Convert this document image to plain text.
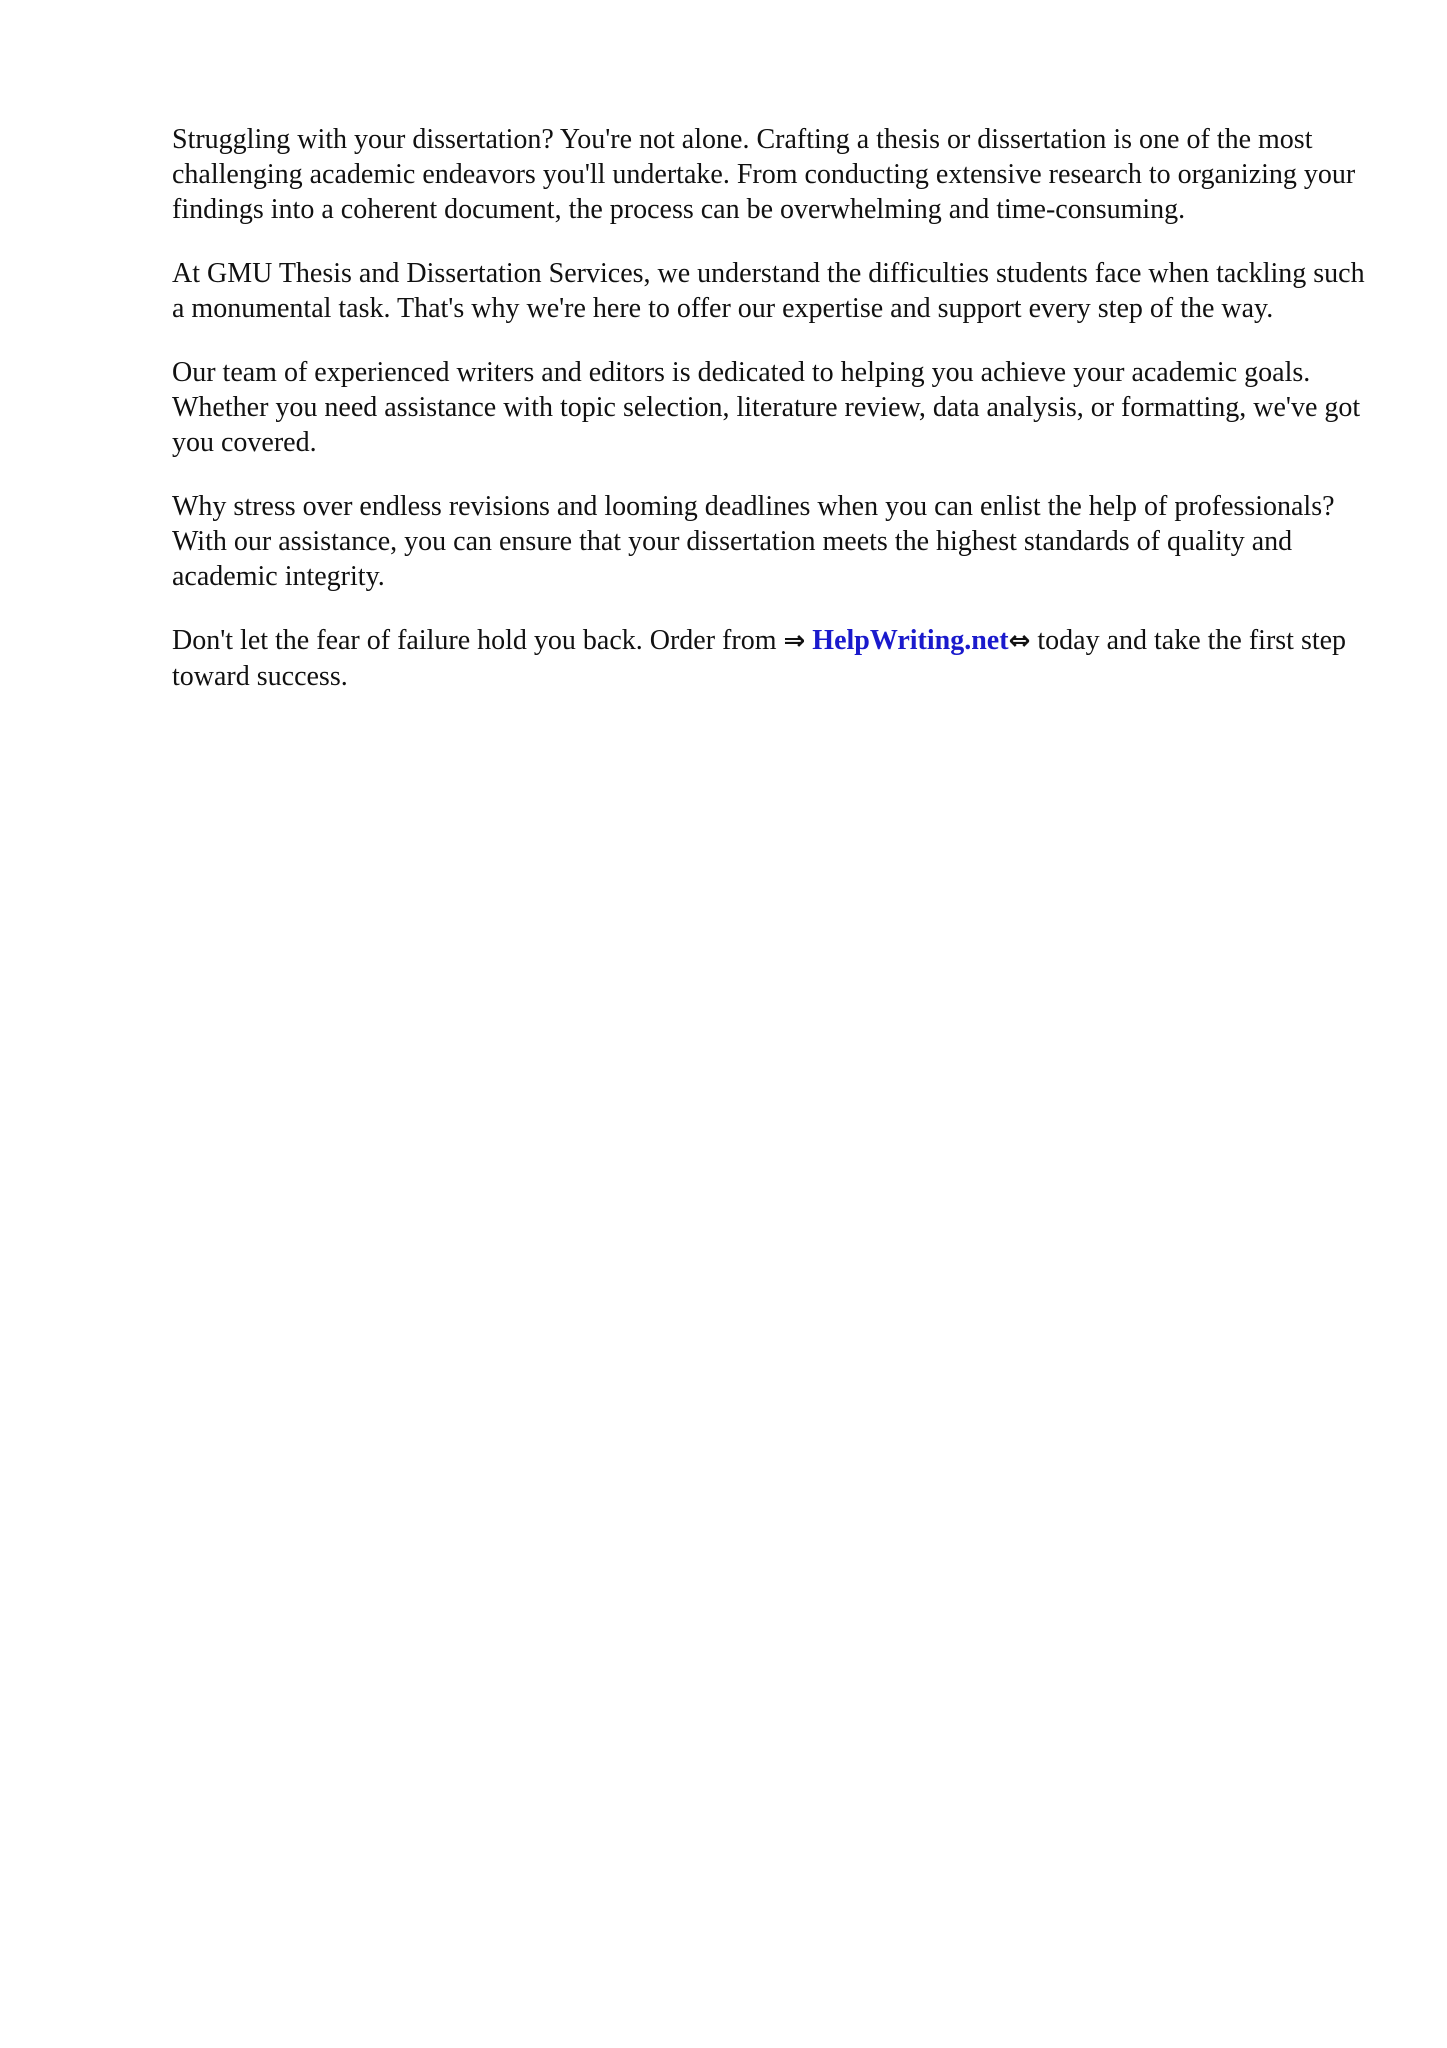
Struggling with your dissertation? You're not alone. Crafting a thesis or dissertation is one of the most challenging academic endeavors you'll undertake. From conducting extensive research to organizing your findings into a coherent document, the process can be overwhelming and time-consuming.

At GMU Thesis and Dissertation Services, we understand the difficulties students face when tackling such a monumental task. That's why we're here to offer our expertise and support every step of the way.

Our team of experienced writers and editors is dedicated to helping you achieve your academic goals. Whether you need assistance with topic selection, literature review, data analysis, or formatting, we've got you covered.

Why stress over endless revisions and looming deadlines when you can enlist the help of professionals? With our assistance, you can ensure that your dissertation meets the highest standards of quality and academic integrity.

Don't let the fear of failure hold you back. Order from ⇒ HelpWriting.net⇔ today and take the first step toward success.
